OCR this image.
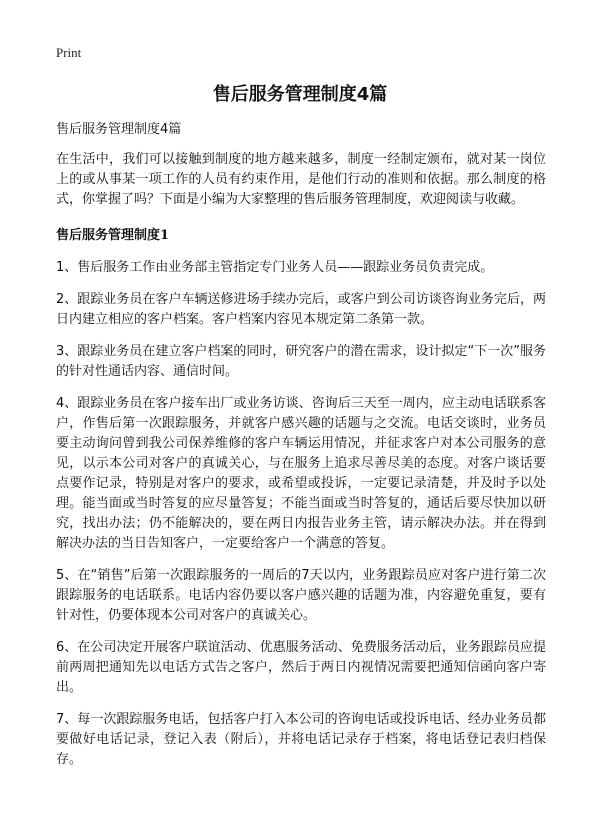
Print
售后服务管理制度4篇

售后服务管理制度4篇

在生活中，我们可以接触到制度的地方越来越多，制度一经制定颁布，就对某一岗位上的或从事某一项工作的人员有约束作用，是他们行动的准则和依据。那么制度的格式，你掌握了吗？下面是小编为大家整理的售后服务管理制度，欢迎阅读与收藏。

售后服务管理制度1

1、售后服务工作由业务部主管指定专门业务人员——跟踪业务员负责完成。

2、跟踪业务员在客户车辆送修进场手续办完后，或客户到公司访谈咨询业务完后，两日内建立相应的客户档案。客户档案内容见本规定第二条第一款。

3、跟踪业务员在建立客户档案的同时，研究客户的潜在需求，设计拟定“下一次”服务的针对性通话内容、通信时间。

4、跟踪业务员在客户接车出厂或业务访谈、咨询后三天至一周内，应主动电话联系客户，作售后第一次跟踪服务，并就客户感兴趣的话题与之交流。电话交谈时，业务员要主动询问曾到我公司保养维修的客户车辆运用情况，并征求客户对本公司服务的意见，以示本公司对客户的真诚关心，与在服务上追求尽善尽美的态度。对客户谈话要点要作记录，特别是对客户的要求，或希望或投诉，一定要记录清楚，并及时予以处理。能当面或当时答复的应尽量答复；不能当面或当时答复的，通话后要尽快加以研究，找出办法；仍不能解决的，要在两日内报告业务主管，请示解决办法。并在得到解决办法的当日告知客户，一定要给客户一个满意的答复。

5、在“销售”后第一次跟踪服务的一周后的7天以内，业务跟踪员应对客户进行第二次跟踪服务的电话联系。电话内容仍要以客户感兴趣的话题为准，内容避免重复，要有针对性，仍要体现本公司对客户的真诚关心。

6、在公司决定开展客户联谊活动、优惠服务活动、免费服务活动后，业务跟踪员应提前两周把通知先以电话方式告之客户，然后于两日内视情况需要把通知信函向客户寄出。

7、每一次跟踪服务电话，包括客户打入本公司的咨询电话或投诉电话、经办业务员都要做好电话记录，登记入表（附后），并将电话记录存于档案，将电话登记表归档保存。
